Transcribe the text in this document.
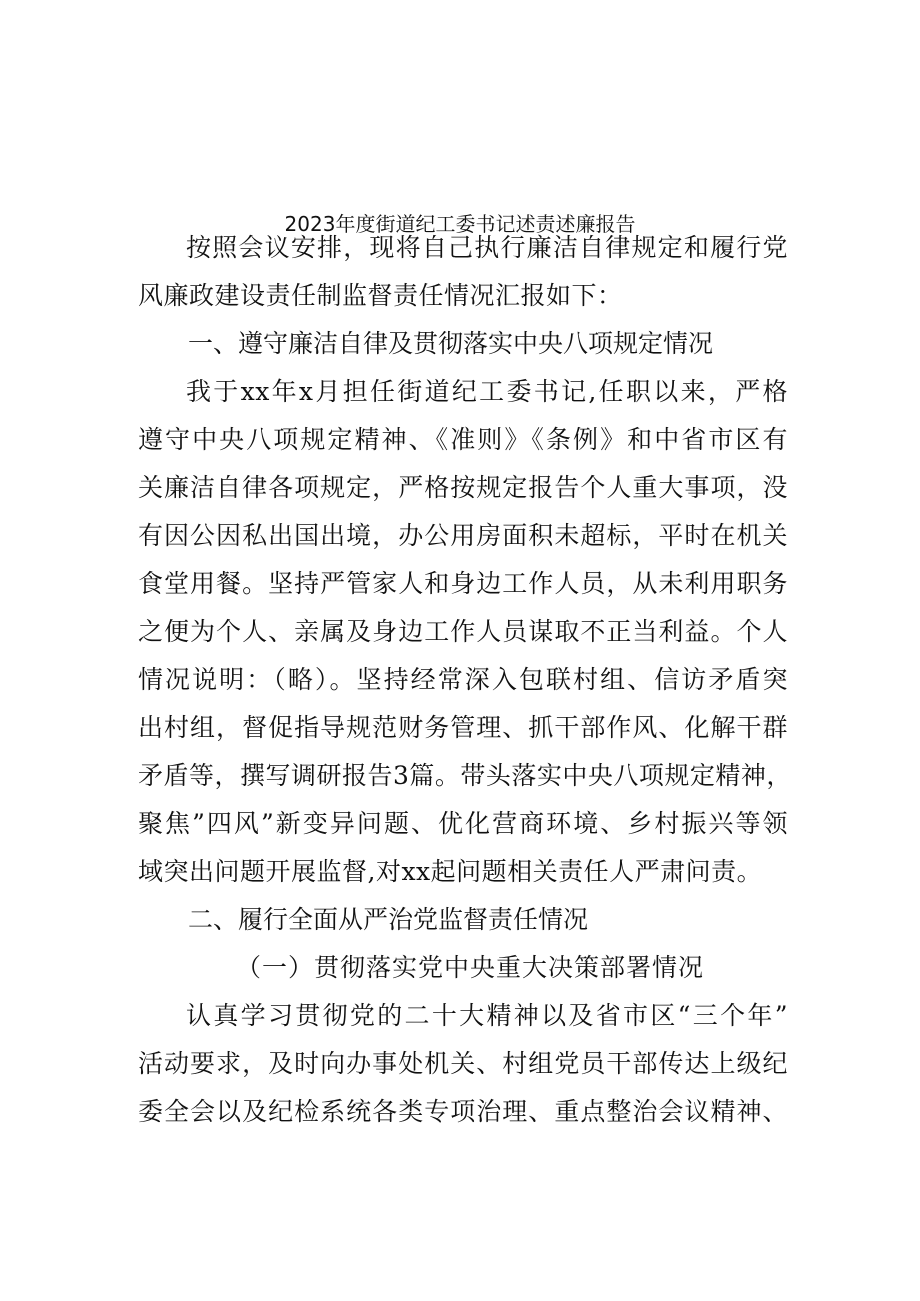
2023年度街道纪工委书记述责述廉报告
按照会议安排，现将自己执行廉洁自律规定和履行党
风廉政建设责任制监督责任情况汇报如下：
一、遵守廉洁自律及贯彻落实中央八项规定情况
我于xx年x月担任街道纪工委书记,任职以来，严格
遵守中央八项规定精神、《准则》《条例》和中省市区有
关廉洁自律各项规定，严格按规定报告个人重大事项，没
有因公因私出国出境，办公用房面积未超标，平时在机关
食堂用餐。坚持严管家人和身边工作人员，从未利用职务
之便为个人、亲属及身边工作人员谋取不正当利益。个人
情况说明：（略）。坚持经常深入包联村组、信访矛盾突
出村组，督促指导规范财务管理、抓干部作风、化解干群
矛盾等，撰写调研报告3篇。带头落实中央八项规定精神，
聚焦”四风”新变异问题、优化营商环境、乡村振兴等领
域突出问题开展监督,对xx起问题相关责任人严肃问责。
二、履行全面从严治党监督责任情况
（一）贯彻落实党中央重大决策部署情况
认真学习贯彻党的二十大精神以及省市区“三个年”
活动要求，及时向办事处机关、村组党员干部传达上级纪
委全会以及纪检系统各类专项治理、重点整治会议精神、
